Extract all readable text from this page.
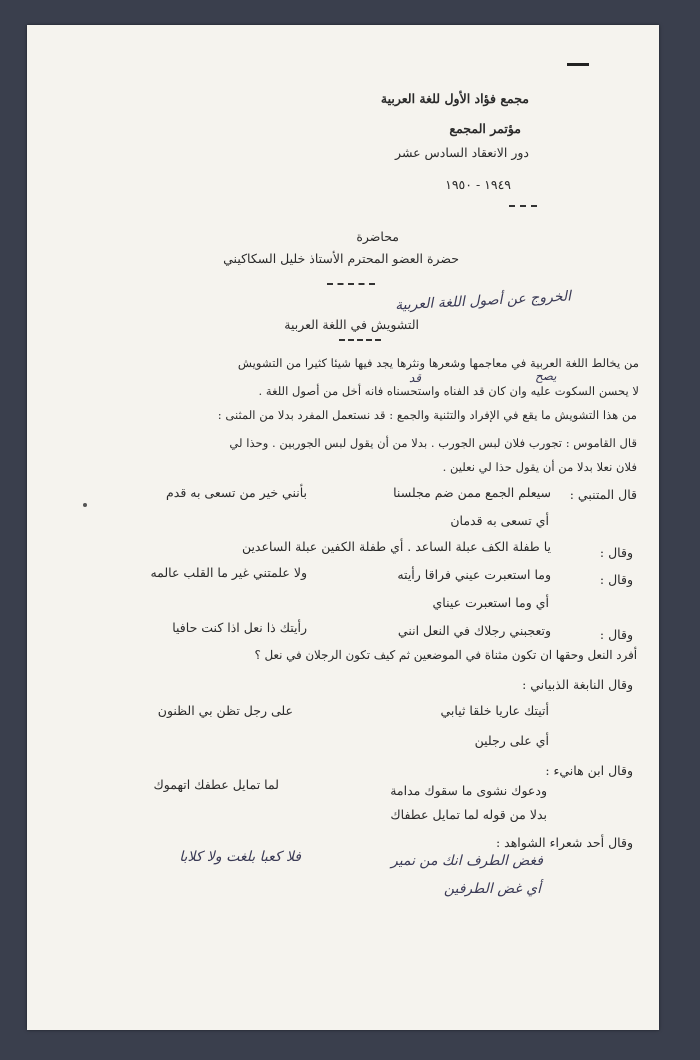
مجمع فؤاد الأول للغة العربية
مؤتمر المجمع
دور الانعقاد السادس عشر
١٩٤٩ - ١٩٥٠
محاضرة
حضرة العضو المحترم الأستاذ خليل السكاكيني
الخروج عن أصول اللغة العربية
التشويش في اللغة العربية
من يخالط اللغة العربية في معاجمها وشعرها ونثرها يجد فيها شيئا كثيرا من التشويش
يصح
قد
لا يحسن السكوت عليه وان كان قد الفناه واستحسناه فانه أخل من أصول اللغة .
من هذا التشويش ما يقع في الإفراد والتثنية والجمع : قد نستعمل المفرد بدلا من المثنى :
قال القاموس : تجورب فلان لبس الجورب . بدلا من أن يقول لبس الجوربين . وحذا لي
فلان نعلا بدلا من أن يقول حذا لي نعلين .
قال المتنبي :
سيعلم الجمع ممن ضم مجلسنا
بأنني خير من تسعى به قدم
أي تسعى به قدمان
وقال :
يا طفلة الكف عبلة الساعد . أي طفلة الكفين عبلة الساعدين
وقال :
وما استعبرت عيني فراقا رأيته
ولا علمتني غير ما القلب عالمه
أي وما استعبرت عيناي
وقال :
وتعجبني رجلاك في النعل انني
رأيتك ذا نعل اذا كنت حافيا
أفرد النعل وحقها ان تكون مثناة في الموضعين ثم كيف تكون الرجلان في نعل ؟
وقال النابغة الذبياني :
أتيتك عاريا خلقا ثيابي
على رجل تظن بي الظنون
أي على رجلين
وقال ابن هانيء :
ودعوك نشوى ما سقوك مدامة
لما تمايل عطفك اتهموك
بدلا من قوله لما تمايل عطفاك
وقال أحد شعراء الشواهد :
فغض الطرف انك من نمير
فلا كعبا بلغت ولا كلابا
أي غض الطرفين
